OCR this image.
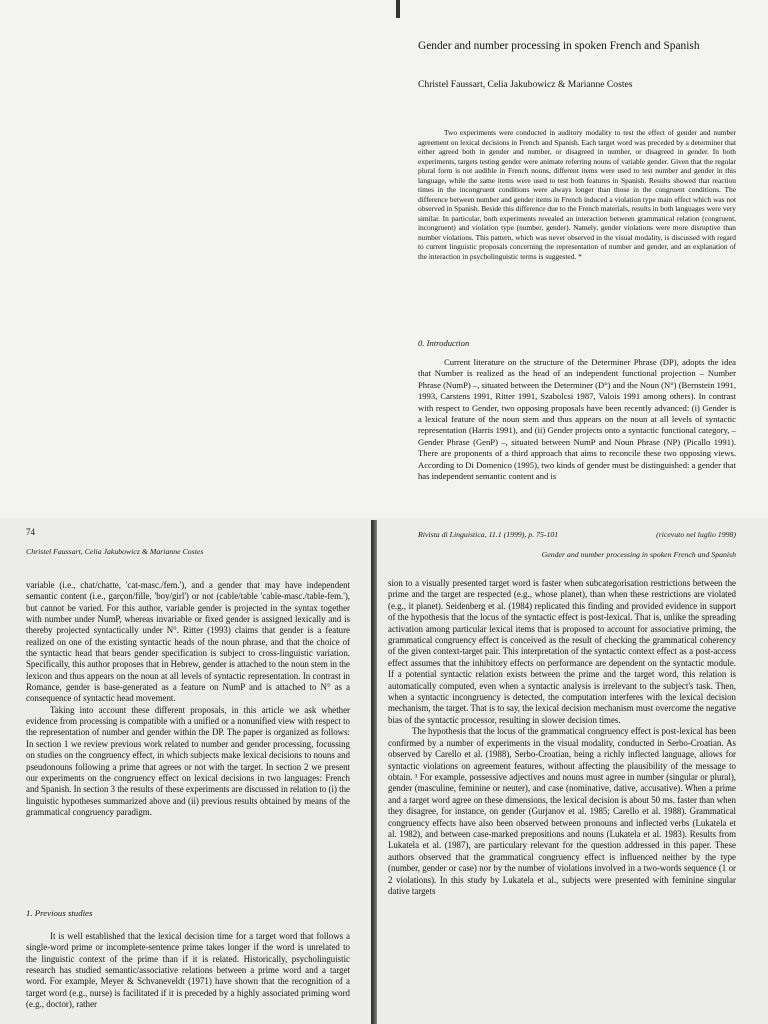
Gender and number processing in spoken French and Spanish
Christel Faussart, Celia Jakubowicz & Marianne Costes

Two experiments were conducted in auditory modality to test the effect of gender and number agreement on lexical decisions in French and Spanish. Each target word was preceded by a determiner that either agreed both in gender and number, or disagreed in number, or disagreed in gender. In both experiments, targets testing gender were animate referring nouns of variable gender. Given that the regular plural form is not audible in French nouns, different items were used to test number and gender in this language, while the same items were used to test both features in Spanish. Results showed that reaction times in the incongruent conditions were always longer than those in the congruent conditions. The difference between number and gender items in French induced a violation type main effect which was not observed in Spanish. Beside this difference due to the French materials, results in both languages were very similar. In particular, both experiments revealed an interaction between grammatical relation (congruent, incongruent) and violation type (number, gender). Namely, gender violations were more disruptive than number violations. This pattern, which was never observed in the visual modality, is discussed with regard to current linguistic proposals concerning the representation of number and gender, and an explanation of the interaction in psycholinguistic terms is suggested. *

0. Introduction

Current literature on the structure of the Determiner Phrase (DP), adopts the idea that Number is realized as the head of an independent functional projection – Number Phrase (NumP) –, situated between the Determiner (D°) and the Noun (N°) (Bernstein 1991, 1993, Carstens 1991, Ritter 1991, Szabolcsi 1987, Valois 1991 among others). In contrast with respect to Gender, two opposing proposals have been recently advanced: (i) Gender is a lexical feature of the noun stem and thus appears on the noun at all levels of syntactic representation (Harris 1991), and (ii) Gender projects onto a syntactic functional category, – Gender Phrase (GenP) –, situated between NumP and Noun Phrase (NP) (Picallo 1991). There are proponents of a third approach that aims to reconcile these two opposing views. According to Di Domenico (1995), two kinds of gender must be distinguished: a gender that has independent semantic content and is

Rivista di Linguistica, 11.1 (1999), p. 75-101	(ricevuto nel luglio 1998)
74
Christel Faussart, Celia Jakubowicz & Marianne Costes	Gender and number processing in spoken French and Spanish

variable (i.e., chat/chatte, 'cat-masc./fem.'), and a gender that may have independent semantic content (i.e., garçon/fille, 'boy/girl') or not (cable/table 'cable-masc./table-fem.'), but cannot be varied. For this author, variable gender is projected in the syntax together with number under NumP, whereas invariable or fixed gender is assigned lexically and is thereby projected syntactically under N°. Ritter (1993) claims that gender is a feature realized on one of the existing syntactic heads of the noun phrase, and that the choice of the syntactic head that bears gender specification is subject to cross-linguistic variation. Specifically, this author proposes that in Hebrew, gender is attached to the noun stem in the lexicon and thus appears on the noun at all levels of syntactic representation. In contrast in Romance, gender is base-generated as a feature on NumP and is attached to N° as a consequence of syntactic head movement.

Taking into account these different proposals, in this article we ask whether evidence from processing is compatible with a unified or a nonunified view with respect to the representation of number and gender within the DP. The paper is organized as follows: In section 1 we review previous work related to number and gender processing, focussing on studies on the congruency effect, in which subjects make lexical decisions to nouns and pseudonouns following a prime that agrees or not with the target. In section 2 we present our experiments on the congruency effect on lexical decisions in two languages: French and Spanish. In section 3 the results of these experiments are discussed in relation to (i) the linguistic hypotheses summarized above and (ii) previous results obtained by means of the grammatical congruency paradigm.

1. Previous studies

It is well established that the lexical decision time for a target word that follows a single-word prime or incomplete-sentence prime takes longer if the word is unrelated to the linguistic context of the prime than if it is related. Historically, psycholinguistic research has studied semantic/associative relations between a prime word and a target word. For example, Meyer & Schvaneveldt (1971) have shown that the recognition of a target word (e.g., nurse) is facilitated if it is preceded by a highly associated priming word (e.g., doctor), rather

sion to a visually presented target word is faster when subcategorisation restrictions between the prime and the target are respected (e.g., whose planet), than when these restrictions are violated (e.g., it planet). Seidenberg et al. (1984) replicated this finding and provided evidence in support of the hypothesis that the locus of the syntactic effect is post-lexical. That is, unlike the spreading activation among particular lexical items that is proposed to account for associative priming, the grammatical congruency effect is conceived as the result of checking the grammatical coherency of the given context-target pair. This interpretation of the syntactic context effect as a post-access effect assumes that the inhibitory effects on performance are dependent on the syntactic module. If a potential syntactic relation exists between the prime and the target word, this relation is automatically computed, even when a syntactic analysis is irrelevant to the subject's task. Then, when a syntactic incongruency is detected, the computation interferes with the lexical decision mechanism, the target. That is to say, the lexical decision mechanism must overcome the negative bias of the syntactic processor, resulting in slower decision times.

The hypothesis that the locus of the grammatical congruency effect is post-lexical has been confirmed by a number of experiments in the visual modality, conducted in Serbo-Croatian. As observed by Carello et al. (1988), Serbo-Croatian, being a richly inflected language, allows for syntactic violations on agreement features, without affecting the plausibility of the message to obtain. ¹ For example, possessive adjectives and nouns must agree in number (singular or plural), gender (masculine, feminine or neuter), and case (nominative, dative, accusative). When a prime and a target word agree on these dimensions, the lexical decision is about 50 ms. faster than when they disagree, for instance, on gender (Gurjanov et al. 1985; Carello et al. 1988). Grammatical congruency effects have also been observed between pronouns and inflected verbs (Lukatela et al. 1982), and between case-marked prepositions and nouns (Lukatela et al. 1983). Results from Lukatela et al. (1987), are particulary relevant for the question addressed in this paper. These authors observed that the grammatical congruency effect is influenced neither by the type (number, gender or case) nor by the number of violations involved in a two-words sequence (1 or 2 violations). In this study by Lukatela et al., subjects were presented with feminine singular dative targets
